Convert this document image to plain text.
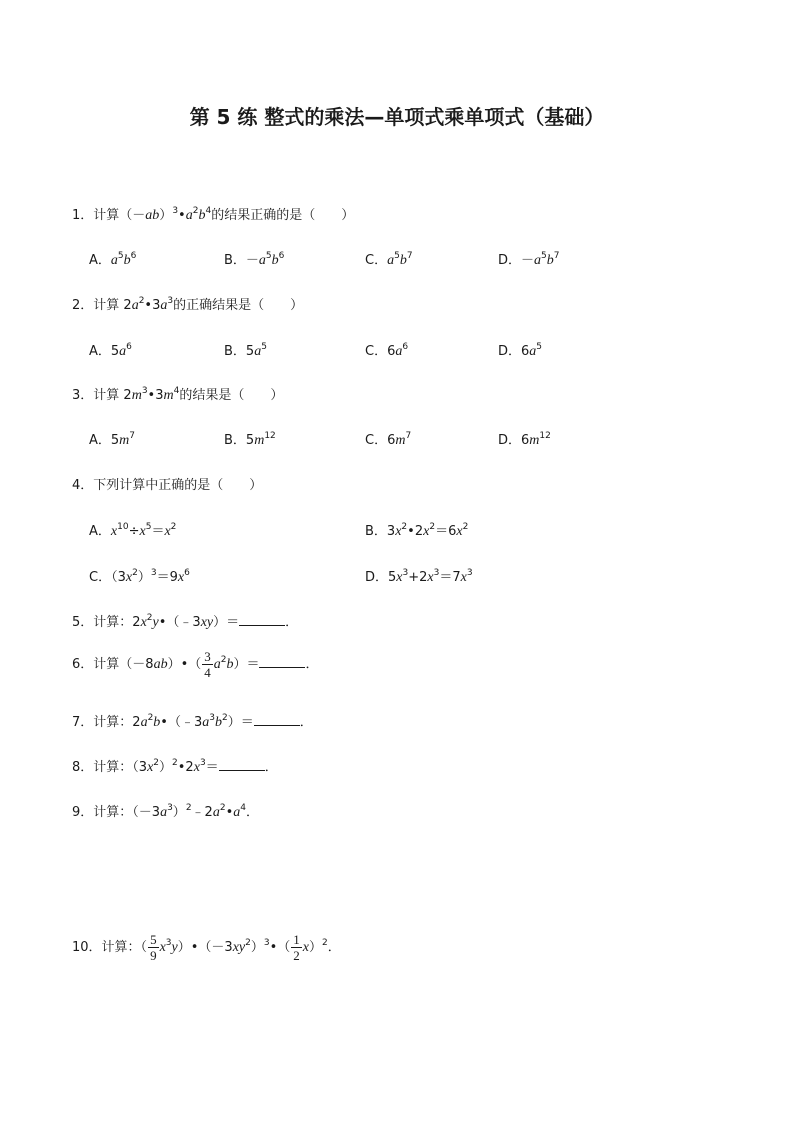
第 5 练 整式的乘法—单项式乘单项式（基础）
1．计算$(-ab)^3•a^2b^4$的结果正确的是（　　）
A．$a^5b^6$	B．$-a^5b^6$	C．$a^5b^7$	D．$-a^5b^7$
2．计算 $2a^2•3a^3$的正确结果是（　　）
A．$5a^6$	B．$5a^5$	C．$6a^6$	D．$6a^5$
3．计算 $2m^3•3m^4$的结果是（　　）
A．$5m^7$	B．$5m^{12}$	C．$6m^7$	D．$6m^{12}$
4．下列计算中正确的是（　　）
A．$x^{10}\div x^5=x^2$	B．$3x^2•2x^2=6x^2$
C．$(3x^2)^3=9x^6$	D．$5x^3+2x^3=7x^3$
5．计算：$2x^2y•(﹣3xy)=$	．
6．计算（－8ab）•（ $\frac{3}{4} a^2b)=$	．
7．计算：$2a^2b•(﹣3a^3b^2)=$	．
8．计算：$(3x^2)^2•2x^3=$	．
9．计算：$(-3a^3)^2﹣2a^2•a^4$．
10．计算：（ $\frac{5}{9}$ $x^3y)•(-3xy^2)^3•( \frac{1}{2} x)^2$．
